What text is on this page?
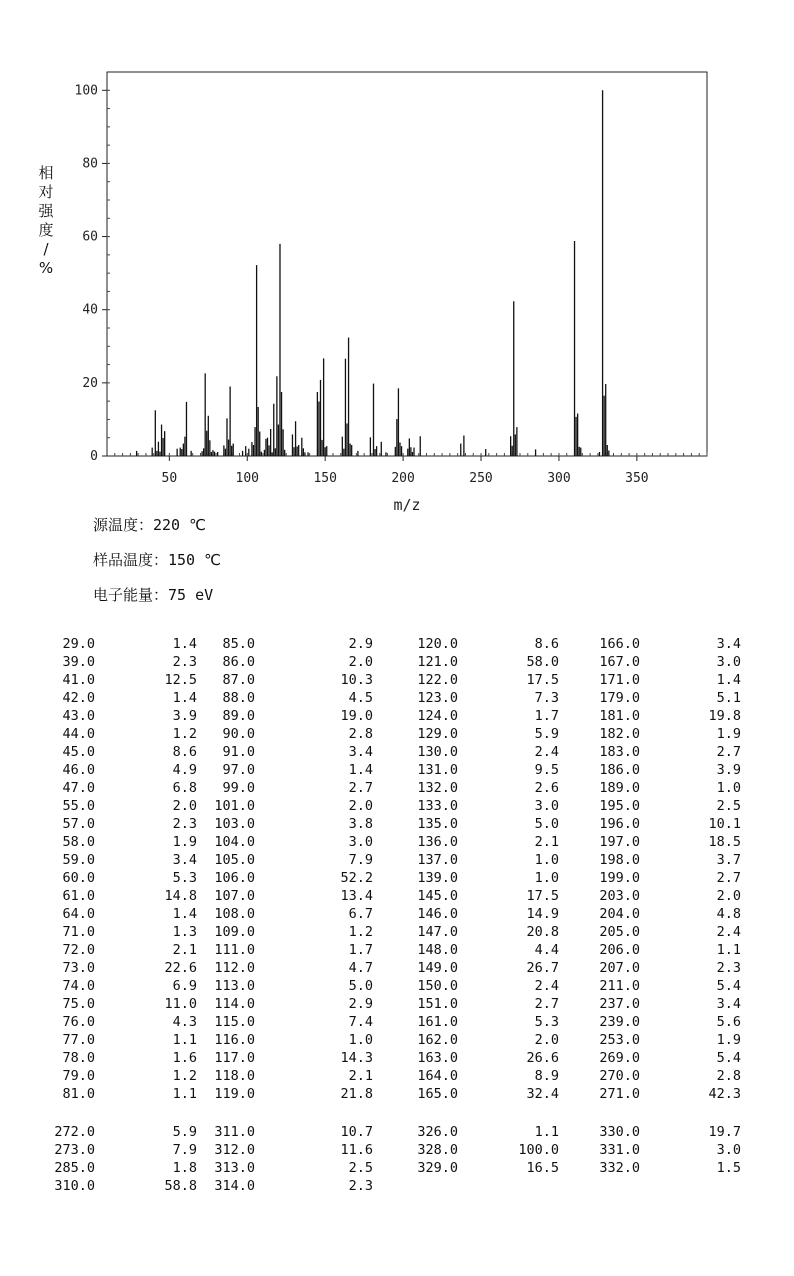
0
20
40
60
80
100
50	100	150	200	250	300	350
m/z
相对强度/ %
源温度：220 ℃
样品温度：150 ℃
电子能量：75 eV
29.0	1.4
39.0	2.3
41.0	12.5
42.0	1.4
43.0	3.9
44.0	1.2
45.0	8.6
46.0	4.9
47.0	6.8
55.0	2.0
57.0	2.3
58.0	1.9
59.0	3.4
60.0	5.3
61.0	14.8
64.0	1.4
71.0	1.3
72.0	2.1
73.0	22.6
74.0	6.9
75.0	11.0
76.0	4.3
77.0	1.1
78.0	1.6
79.0	1.2
81.0	1.1
85.0	2.9
86.0	2.0
87.0	10.3
88.0	4.5
89.0	19.0
90.0	2.8
91.0	3.4
97.0	1.4
99.0	2.7
101.0	2.0
103.0	3.8
104.0	3.0
105.0	7.9
106.0	52.2
107.0	13.4
108.0	6.7
109.0	1.2
111.0	1.7
112.0	4.7
113.0	5.0
114.0	2.9
115.0	7.4
116.0	1.0
117.0	14.3
118.0	2.1
119.0	21.8
120.0	8.6
121.0	58.0
122.0	17.5
123.0	7.3
124.0	1.7
129.0	5.9
130.0	2.4
131.0	9.5
132.0	2.6
133.0	3.0
135.0	5.0
136.0	2.1
137.0	1.0
139.0	1.0
145.0	17.5
146.0	14.9
147.0	20.8
148.0	4.4
149.0	26.7
150.0	2.4
151.0	2.7
161.0	5.3
162.0	2.0
163.0	26.6
164.0	8.9
165.0	32.4
166.0	3.4
167.0	3.0
171.0	1.4
179.0	5.1
181.0	19.8
182.0	1.9
183.0	2.7
186.0	3.9
189.0	1.0
195.0	2.5
196.0	10.1
197.0	18.5
198.0	3.7
199.0	2.7
203.0	2.0
204.0	4.8
205.0	2.4
206.0	1.1
207.0	2.3
211.0	5.4
237.0	3.4
239.0	5.6
253.0	1.9
269.0	5.4
270.0	2.8
271.0	42.3
272.0	5.9
273.0	7.9
285.0	1.8
310.0	58.8
311.0	10.7
312.0	11.6
313.0	2.5
314.0	2.3
326.0	1.1
328.0	100.0
329.0	16.5
330.0	19.7
331.0	3.0
332.0	1.5
